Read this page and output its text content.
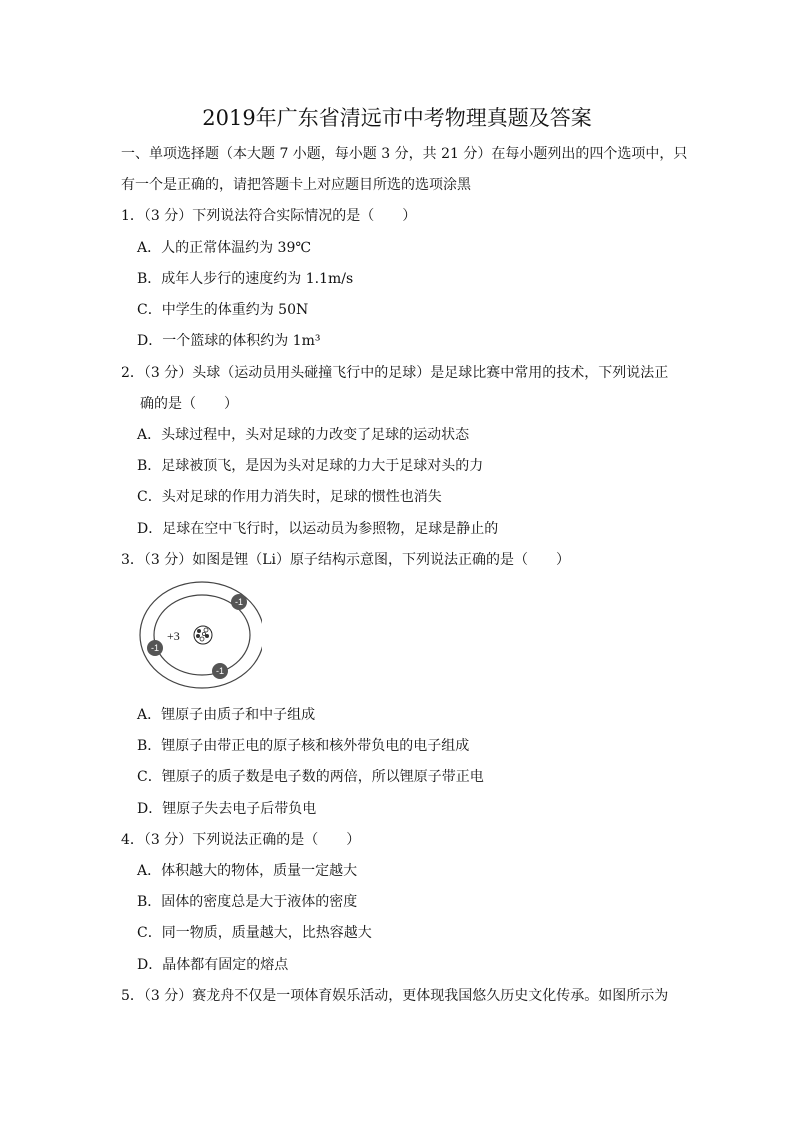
2019年广东省清远市中考物理真题及答案
一、单项选择题（本大题 7 小题，每小题 3 分，共 21 分）在每小题列出的四个选项中，只
有一个是正确的，请把答题卡上对应题目所选的选项涂黑
1．（3 分）下列说法符合实际情况的是（　　）
A．人的正常体温约为 39℃
B．成年人步行的速度约为 1.1m/s
C．中学生的体重约为 50N
D．一个篮球的体积约为 1m³
2．（3 分）头球（运动员用头碰撞飞行中的足球）是足球比赛中常用的技术，下列说法正
确的是（　　）
A．头球过程中，头对足球的力改变了足球的运动状态
B．足球被顶飞，是因为头对足球的力大于足球对头的力
C．头对足球的作用力消失时，足球的惯性也消失
D．足球在空中飞行时，以运动员为参照物，足球是静止的
3．（3 分）如图是锂（Li）原子结构示意图，下列说法正确的是（　　）
+3
-1
-1
-1
A．锂原子由质子和中子组成
B．锂原子由带正电的原子核和核外带负电的电子组成
C．锂原子的质子数是电子数的两倍，所以锂原子带正电
D．锂原子失去电子后带负电
4．（3 分）下列说法正确的是（　　）
A．体积越大的物体，质量一定越大
B．固体的密度总是大于液体的密度
C．同一物质，质量越大，比热容越大
D．晶体都有固定的熔点
5．（3 分）赛龙舟不仅是一项体育娱乐活动，更体现我国悠久历史文化传承。如图所示为
